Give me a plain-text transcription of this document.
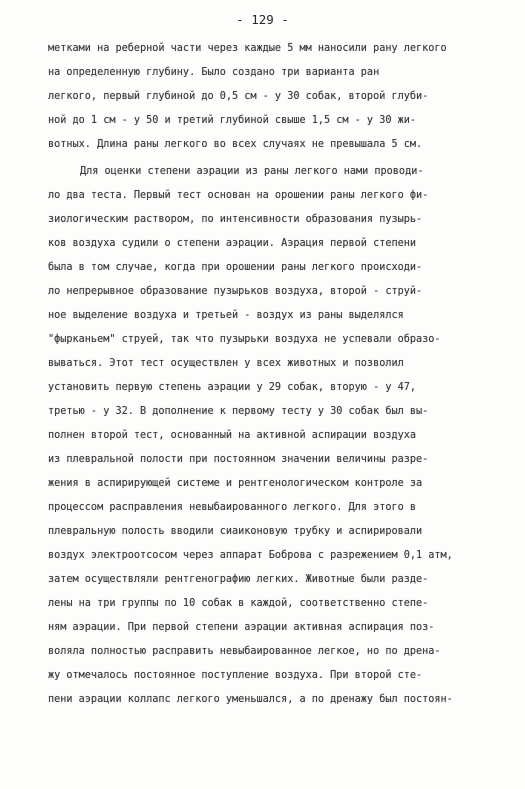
- 129 -
метками на реберной части через каждые 5 мм наносили рану легкого
на определенную глубину. Было создано три варианта ран
легкого, первый глубиной до 0,5 см - у 30 собак, второй глуби-
ной до 1 см - у 50 и третий глубиной свыше 1,5 см - у 30 жи-
вотных. Длина раны легкого во всех случаях не превышала 5 см.
Для оценки степени аэрации из раны легкого нами проводи-
ло два теста. Первый тест основан на орошении раны легкого фи-
зиологическим раствором, по интенсивности образования пузырь-
ков воздуха судили о степени аэрации. Аэрация первой степени
была в том случае, когда при орошении раны легкого происходи-
ло непрерывное образование пузырьков воздуха, второй - струй-
ное выделение воздуха и третьей - воздух из раны выделялся
"фырканьем" струей, так что пузырьки воздуха не успевали образо-
вываться. Этот тест осуществлен у всех животных и позволил
установить первую степень аэрации у 29 собак, вторую - у 47,
третью - у 32. В дополнение к первому тесту у 30 собак был вы-
полнен второй тест, основанный на активной аспирации воздуха
из плевральной полости при постоянном значении величины разре-
жения в аспирирующей системе и рентгенологическом контроле за
процессом расправления невыбаированного легкого. Для этого в
плевральную полость вводили сиаиконовую трубку и аспирировали
воздух электроотсосом через аппарат Боброва с разрежением 0,1 атм,
затем осуществляли рентгенографию легких. Животные были разде-
лены на три группы по 10 собак в каждой, соответственно степе-
ням аэрации. При первой степени аэрации активная аспирация поз-
воляла полностью расправить невыбаированное легкое, но по дрена-
жу отмечалось постоянное поступление воздуха. При второй сте-
пени аэрации коллапс легкого уменьшался, а по дренажу был постоян-
